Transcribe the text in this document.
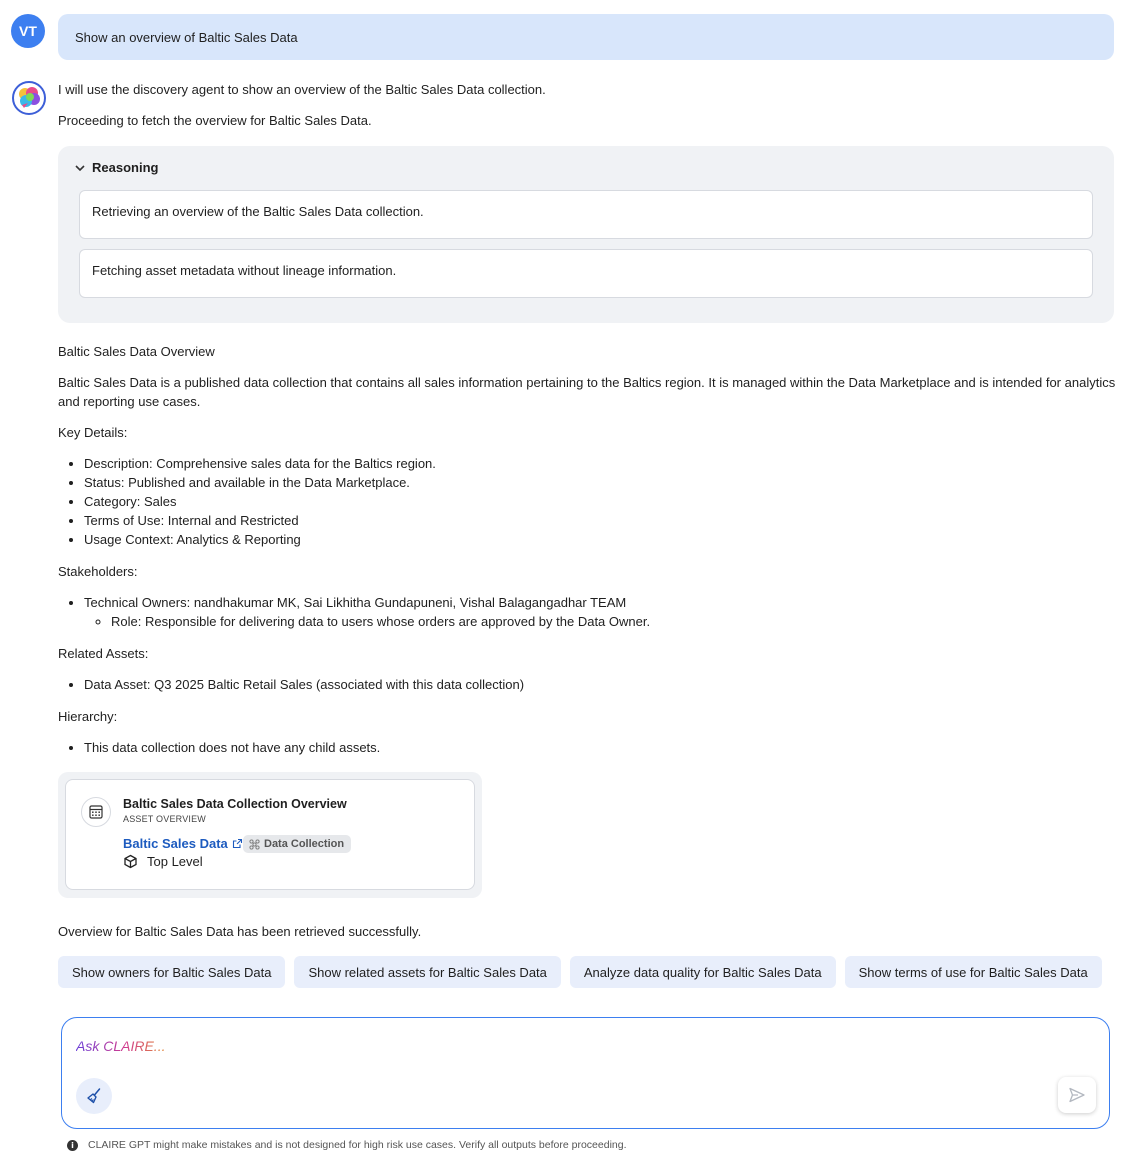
VT	Show an overview of Baltic Sales Data
I will use the discovery agent to show an overview of the Baltic Sales Data collection.
Proceeding to fetch the overview for Baltic Sales Data.
Reasoning
Retrieving an overview of the Baltic Sales Data collection.
Fetching asset metadata without lineage information.

Baltic Sales Data Overview

Baltic Sales Data is a published data collection that contains all sales information pertaining to the Baltics region. It is managed within the Data Marketplace and is intended for analytics and reporting use cases.

Key Details:

• Description: Comprehensive sales data for the Baltics region.
• Status: Published and available in the Data Marketplace.
• Category: Sales
• Terms of Use: Internal and Restricted
• Usage Context: Analytics & Reporting

Stakeholders:

• Technical Owners: nandhakumar MK, Sai Likhitha Gundapuneni, Vishal Balagangadhar TEAM
◦ Role: Responsible for delivering data to users whose orders are approved by the Data Owner.

Related Assets:

• Data Asset: Q3 2025 Baltic Retail Sales (associated with this data collection)

Hierarchy:

• This data collection does not have any child assets.
Baltic Sales Data Collection Overview
ASSET OVERVIEW
Baltic Sales Data	Data Collection
Top Level
Overview for Baltic Sales Data has been retrieved successfully.
Show owners for Baltic Sales Data	Show related assets for Baltic Sales Data	Analyze data quality for Baltic Sales Data	Show terms of use for Baltic Sales Data
Ask CLAIRE...
i	CLAIRE GPT might make mistakes and is not designed for high risk use cases. Verify all outputs before proceeding.
